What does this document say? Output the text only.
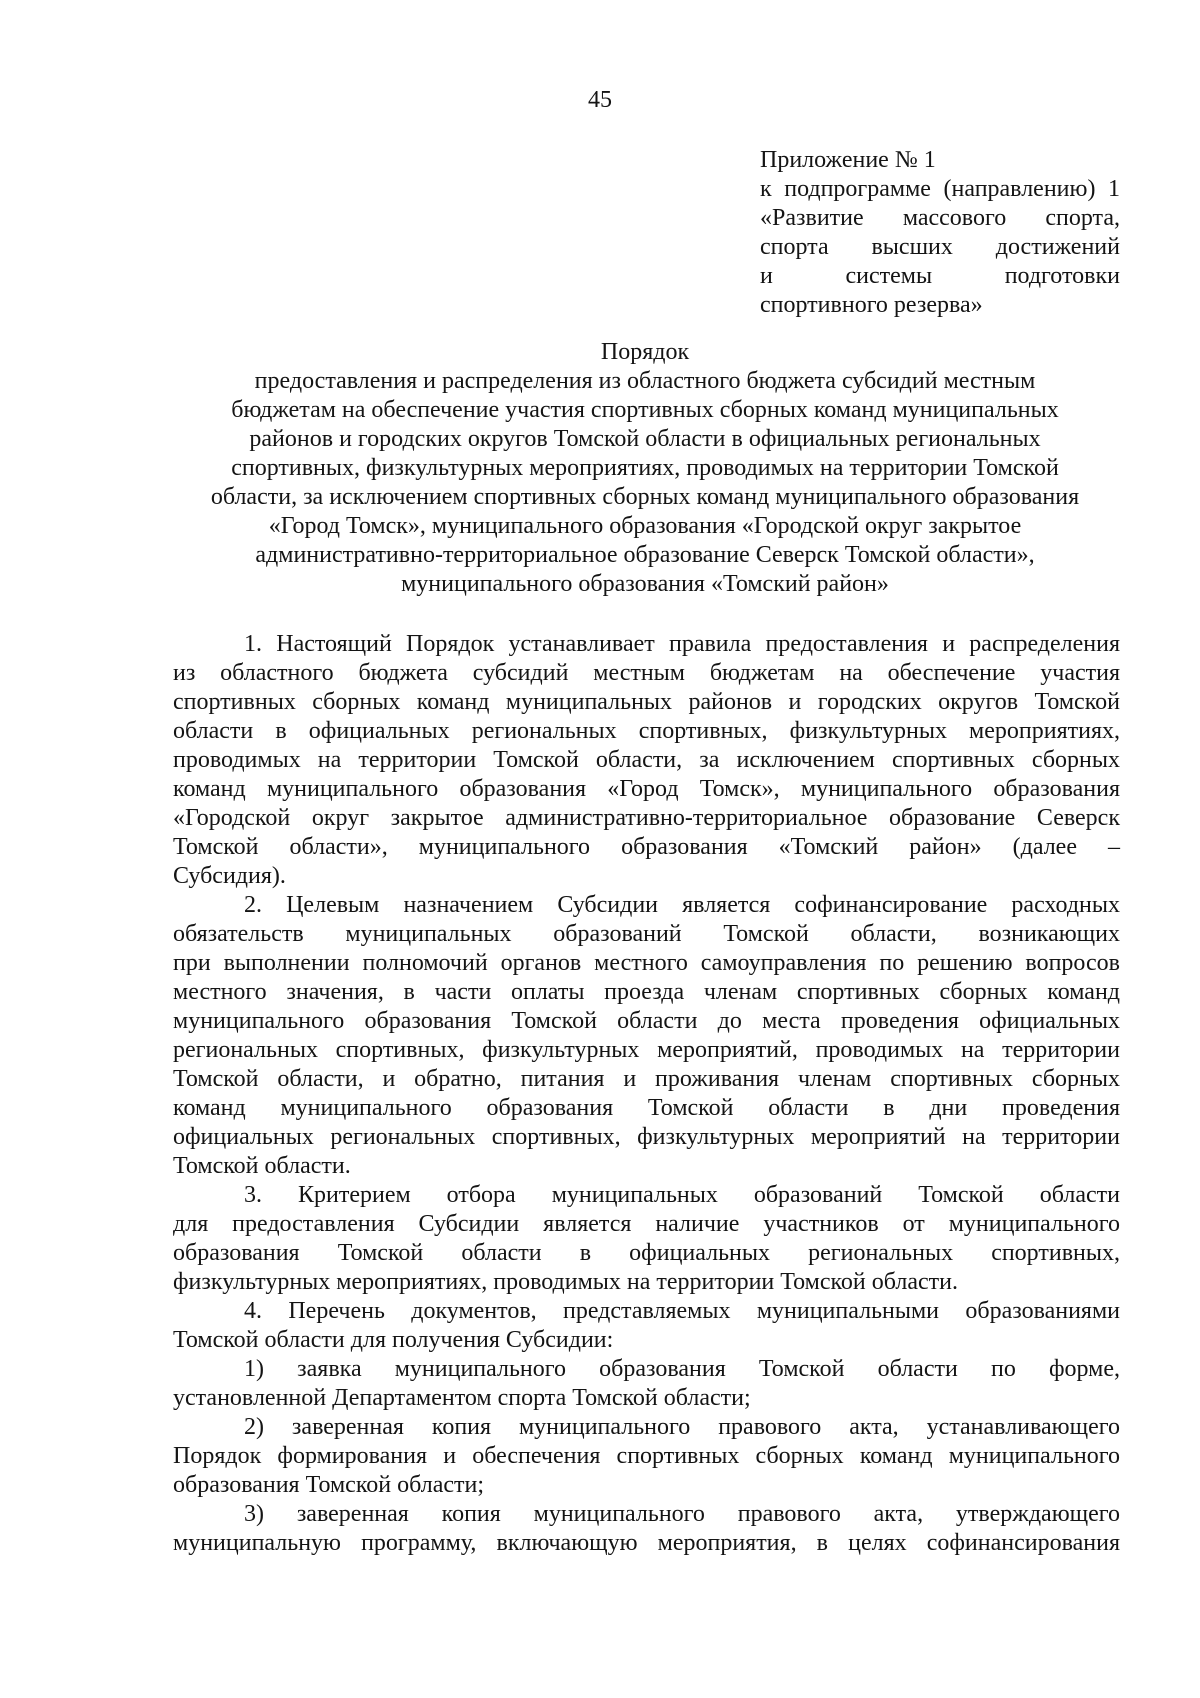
45
Приложение № 1
к подпрограмме (направлению) 1
«Развитие массового спорта,
спорта высших достижений
и системы подготовки
спортивного резерва»
Порядок
предоставления и распределения из областного бюджета субсидий местным
бюджетам на обеспечение участия спортивных сборных команд муниципальных
районов и городских округов Томской области в официальных региональных
спортивных, физкультурных мероприятиях, проводимых на территории Томской
области, за исключением спортивных сборных команд муниципального образования
«Город Томск», муниципального образования «Городской округ закрытое
административно-территориальное образование Северск Томской области»,
муниципального образования «Томский район»
1. Настоящий Порядок устанавливает правила предоставления и распределения
из областного бюджета субсидий местным бюджетам на обеспечение участия
спортивных сборных команд муниципальных районов и городских округов Томской
области в официальных региональных спортивных, физкультурных мероприятиях,
проводимых на территории Томской области, за исключением спортивных сборных
команд муниципального образования «Город Томск», муниципального образования
«Городской округ закрытое административно-территориальное образование Северск
Томской области», муниципального образования «Томский район» (далее –
Субсидия).
2. Целевым назначением Субсидии является софинансирование расходных
обязательств муниципальных образований Томской области, возникающих
при выполнении полномочий органов местного самоуправления по решению вопросов
местного значения, в части оплаты проезда членам спортивных сборных команд
муниципального образования Томской области до места проведения официальных
региональных спортивных, физкультурных мероприятий, проводимых на территории
Томской области, и обратно, питания и проживания членам спортивных сборных
команд муниципального образования Томской области в дни проведения
официальных региональных спортивных, физкультурных мероприятий на территории
Томской области.
3. Критерием отбора муниципальных образований Томской области
для предоставления Субсидии является наличие участников от муниципального
образования Томской области в официальных региональных спортивных,
физкультурных мероприятиях, проводимых на территории Томской области.
4. Перечень документов, представляемых муниципальными образованиями
Томской области для получения Субсидии:
1) заявка муниципального образования Томской области по форме,
установленной Департаментом спорта Томской области;
2) заверенная копия муниципального правового акта, устанавливающего
Порядок формирования и обеспечения спортивных сборных команд муниципального
образования Томской области;
3) заверенная копия муниципального правового акта, утверждающего
муниципальную программу, включающую мероприятия, в целях софинансирования
